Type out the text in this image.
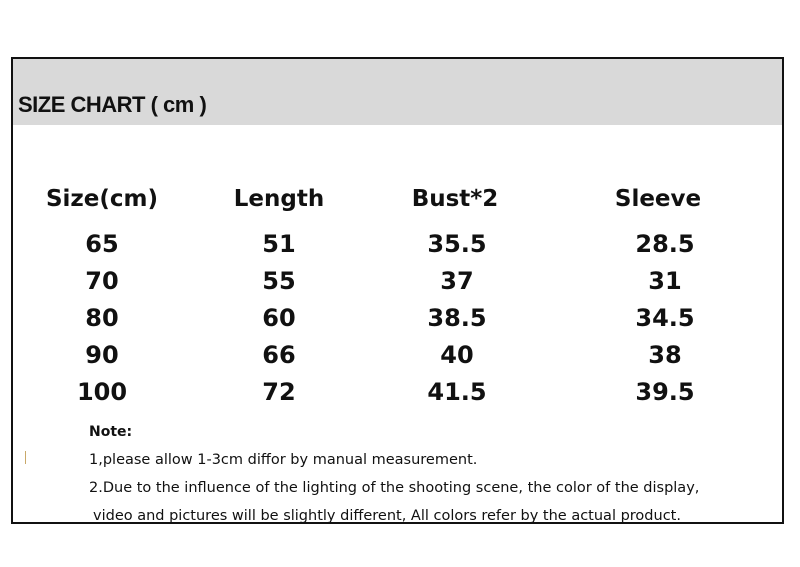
SIZE CHART ( cm )
Size(cm)	Length	Bust*2	Sleeve
65	51	35.5	28.5
70	55	37	31
80	60	38.5	34.5
90	66	40	38
100	72	41.5	39.5
Note:
1,please allow 1-3cm diffor by manual measurement.
2.Due to the influence of the lighting of the shooting scene, the color of the display,
video and pictures will be slightly different, All colors refer by the actual product.
